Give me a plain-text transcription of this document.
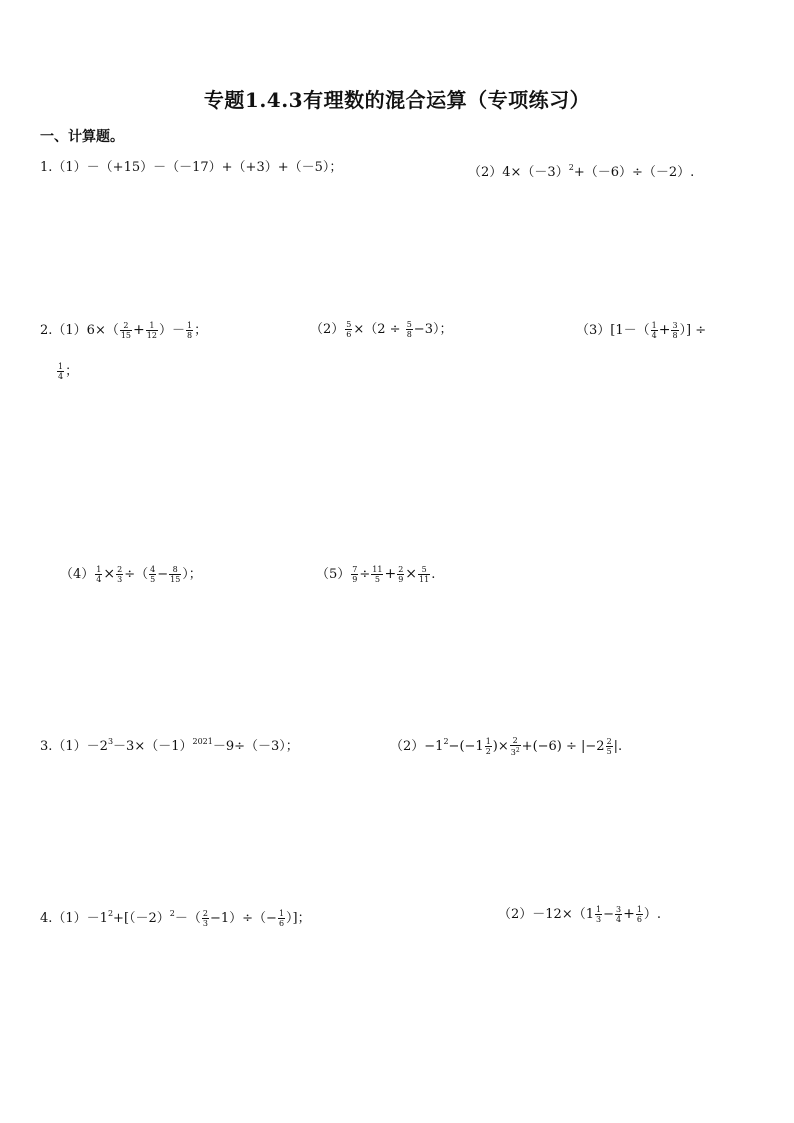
专题1.4.3有理数的混合运算（专项练习）
一、计算题。
1.（1）－（+15）－（－17）+（+3）+（－5）；	$(2)4\times(-3)^2+(-6)\div(-2)$.
$2.(1)6\times( \frac{2}{15} + \frac{1}{12}$ ）－ $\frac{1}{8}$ ；	$(2) \frac{5}{6} \times(2 \div \frac{5}{8} -3)$；	$(3)[1-( \frac{1}{4} + \frac{3}{8}$ ）] ÷
$\frac{1}{4}$ ；
$(4) \frac{1}{4} \times \frac{2}{3}$ ÷（ $\frac{4}{5} - \frac{8}{15}$ ）；	$(5) \frac{7}{9} \div \frac{11}{5} + \frac{2}{9} \times \frac{5}{11}$ .
$3.(1)-2^3-3\times(-1)^{2021}-9\div(-3)$；	$(2)-1^2-(-1 \frac{1}{2}$ )× $\frac{2}{3^2} +(-6) \div |-2 \frac{2}{5}$ |.
$4.(1)-1^2+[(-2)^2-( \frac{2}{3} -1)\div(- \frac{1}{6}$ ）]；	$(2)-12\times(1 \frac{1}{3} - \frac{3}{4} + \frac{1}{6}$ ）.
